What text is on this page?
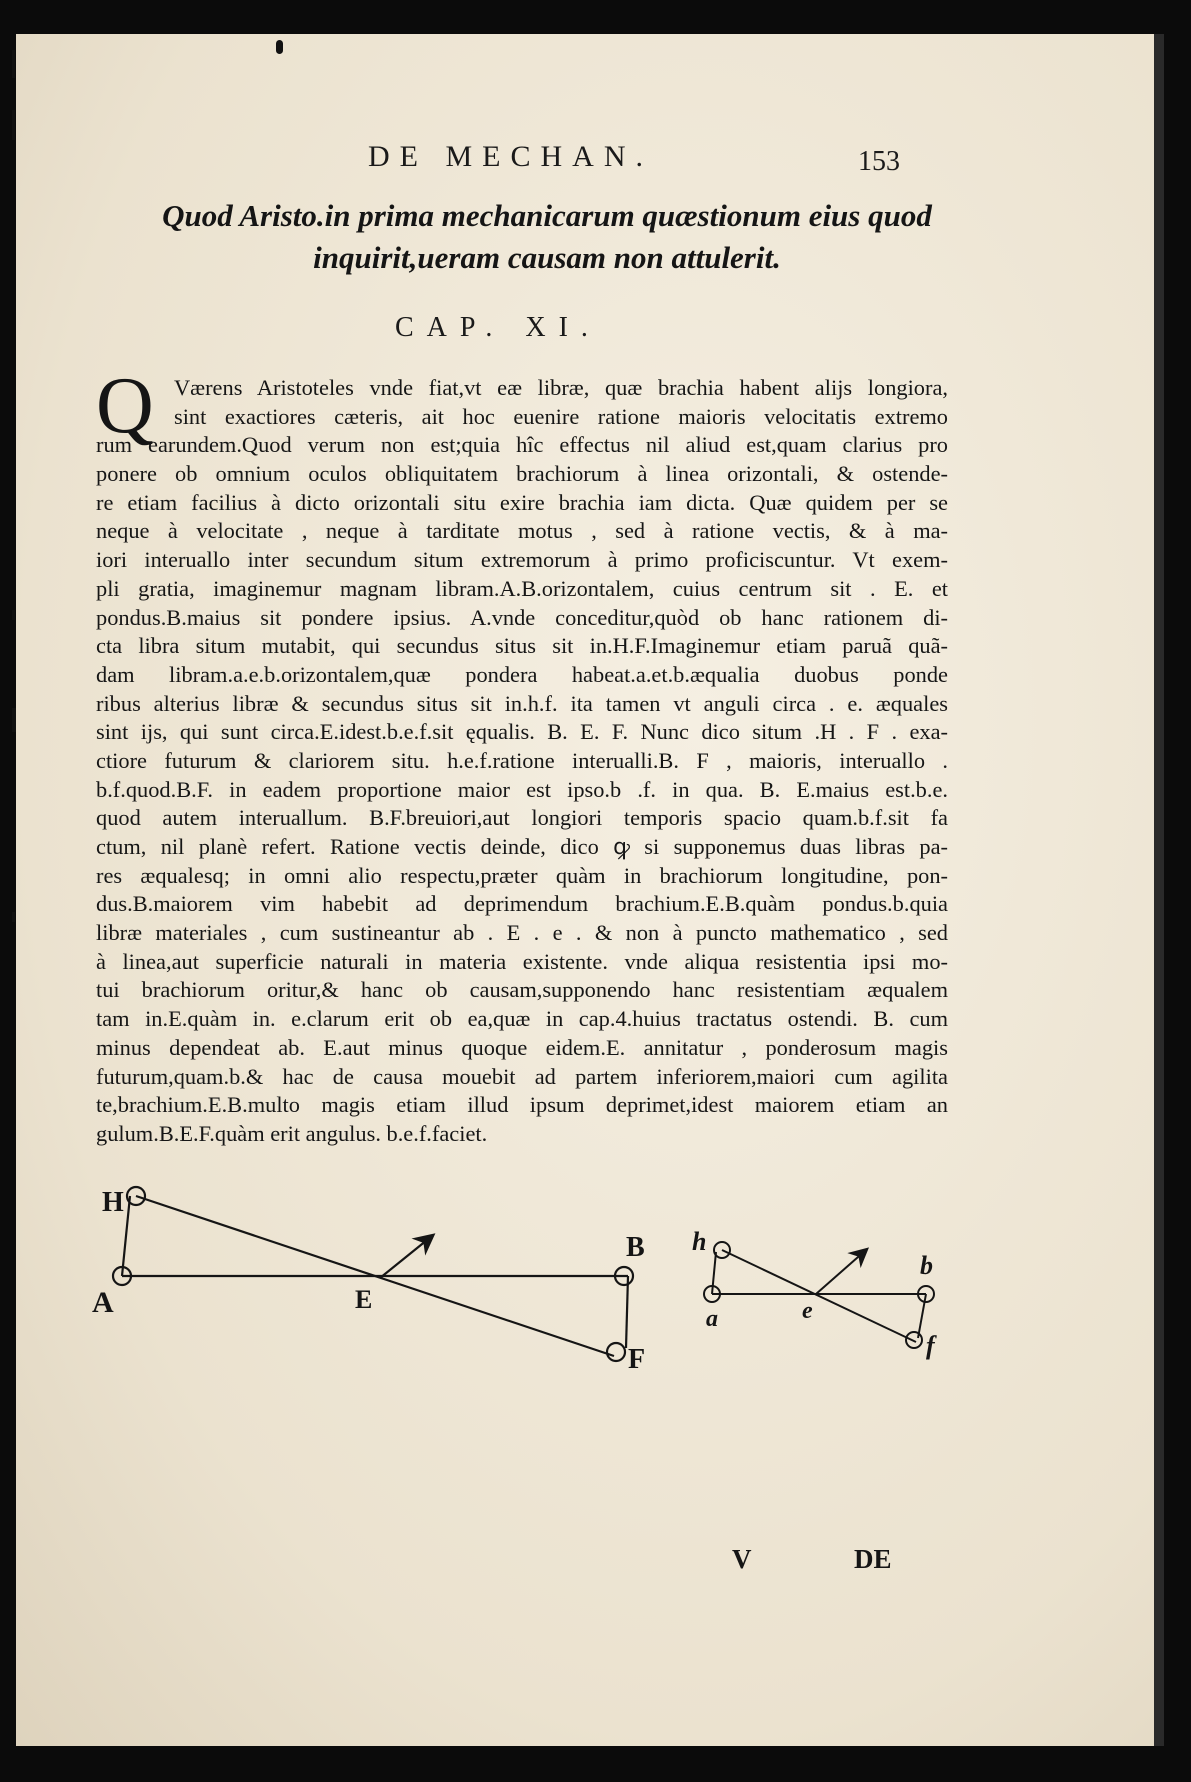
DE MECHAN.	153
Quod Aristo.in prima mechanicarum quæstionum eius quod
inquirit,ueram causam non attulerit.
CAP. XI.
Q Værens Aristoteles vnde fiat,vt eæ libræ, quæ brachia habent alijs longiora,
sint exactiores cæteris, ait hoc euenire ratione maioris velocitatis extremo
rum earundem.Quod verum non est;quia hîc effectus nil aliud est,quam clarius pro
ponere ob omnium oculos obliquitatem brachiorum à linea orizontali, & ostende-
re etiam facilius à dicto orizontali situ exire brachia iam dicta. Quæ quidem per se
neque à velocitate , neque à tarditate motus , sed à ratione vectis, & à ma-
iori interuallo inter secundum situm extremorum à primo proficiscuntur. Vt exem-
pli gratia, imaginemur magnam libram.A.B.orizontalem, cuius centrum sit . E. et
pondus.B.maius sit pondere ipsius. A.vnde conceditur,quòd ob hanc rationem di-
cta libra situm mutabit, qui secundus situs sit in.H.F.Imaginemur etiam paruã quã-
dam libram.a.e.b.orizontalem,quæ pondera habeat.a.et.b.æqualia duobus ponde
ribus alterius libræ & secundus situs sit in.h.f. ita tamen vt anguli circa . e. æquales
sint ijs, qui sunt circa.E.idest.b.e.f.sit ęqualis. B. E. F. Nunc dico situm .H . F . exa-
ctiore futurum & clariorem situ. h.e.f.ratione interualli.B. F , maioris, interuallo .
b.f.quod.B.F. in eadem proportione maior est ipso.b .f. in qua. B. E.maius est.b.e.
quod autem interuallum. B.F.breuiori,aut longiori temporis spacio quam.b.f.sit fa
ctum, nil planè refert. Ratione vectis deinde, dico ꝙ si supponemus duas libras pa-
res æqualesq; in omni alio respectu,præter quàm in brachiorum longitudine, pon-
dus.B.maiorem vim habebit ad deprimendum brachium.E.B.quàm pondus.b.quia
libræ materiales , cum sustineantur ab . E . e . & non à puncto mathematico , sed
à linea,aut superficie naturali in materia existente. vnde aliqua resistentia ipsi mo-
tui brachiorum oritur,& hanc ob causam,supponendo hanc resistentiam æqualem
tam in.E.quàm in. e.clarum erit ob ea,quæ in cap.4.huius tractatus ostendi. B. cum
minus dependeat ab. E.aut minus quoque eidem.E. annitatur , ponderosum magis
futurum,quam.b.& hac de causa mouebit ad partem inferiorem,maiori cum agilita
te,brachium.E.B.multo magis etiam illud ipsum deprimet,idest maiorem etiam an
gulum.B.E.F.quàm erit angulus. b.e.f.faciet.
H
A	E
B
F
h
a	e
b
f
V	DE
